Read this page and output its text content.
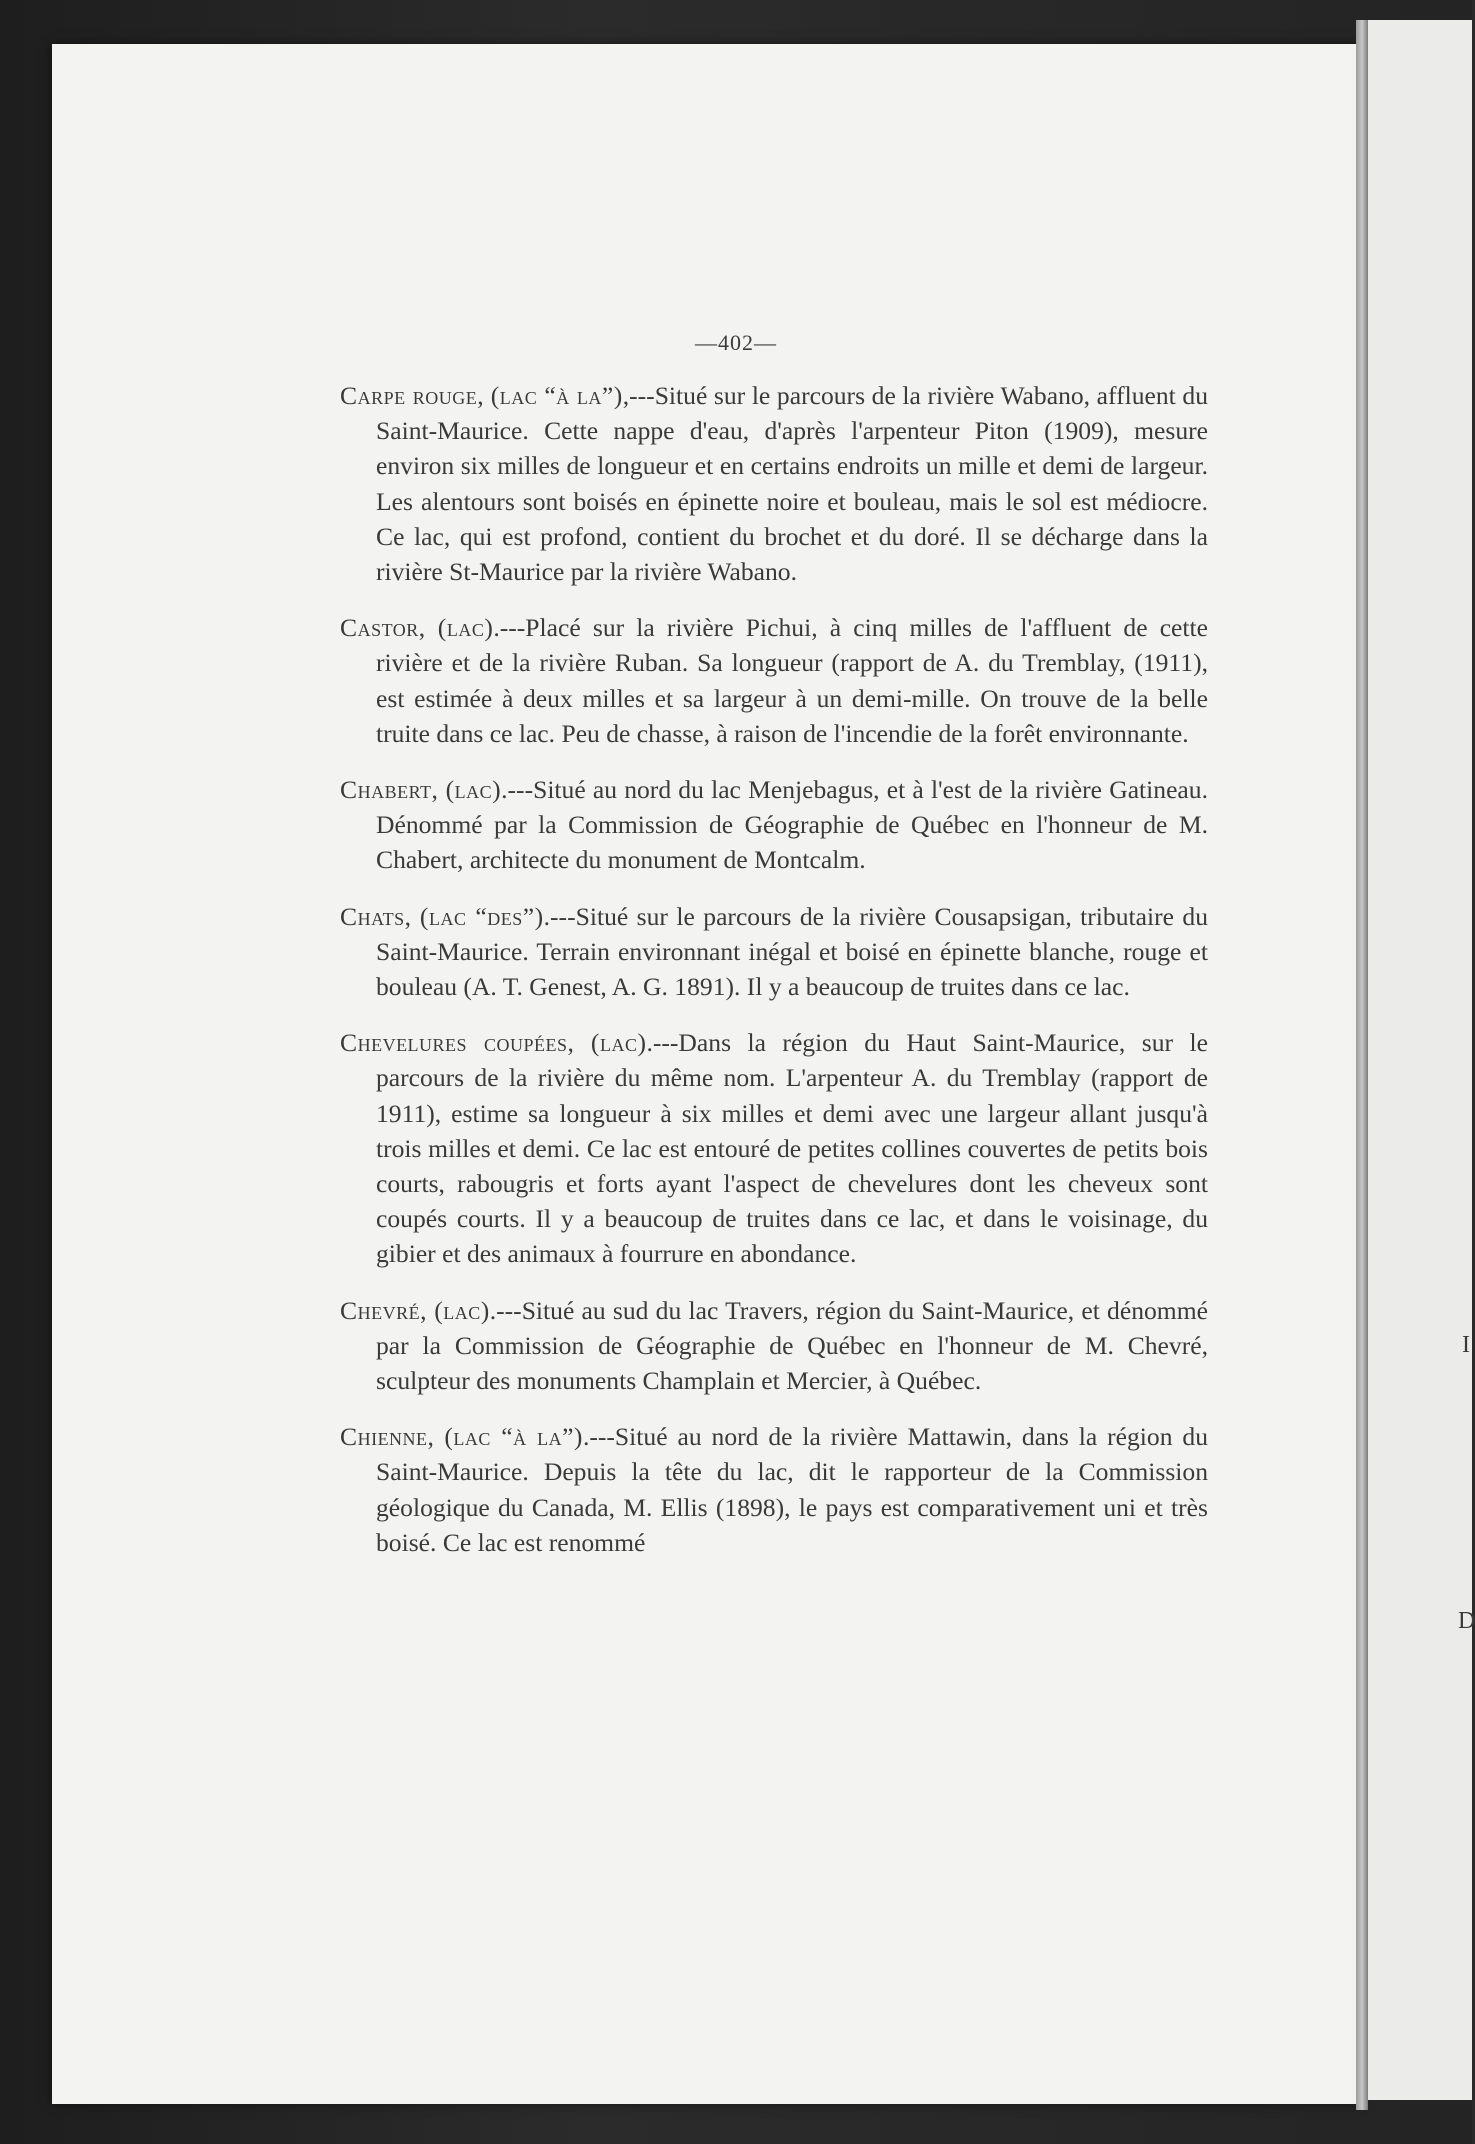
I
D
—402—

Carpe rouge, (lac “à la”),---Situé sur le parcours de la rivière Wabano, affluent du Saint-Maurice. Cette nappe d'eau, d'après l'arpenteur Piton (1909), mesure environ six milles de longueur et en certains endroits un mille et demi de largeur. Les alentours sont boisés en épinette noire et bouleau, mais le sol est médiocre. Ce lac, qui est profond, contient du brochet et du doré. Il se décharge dans la rivière St-Maurice par la rivière Wabano.

Castor, (lac).---Placé sur la rivière Pichui, à cinq milles de l'affluent de cette rivière et de la rivière Ruban. Sa longueur (rapport de A. du Tremblay, (1911), est estimée à deux milles et sa largeur à un demi-mille. On trouve de la belle truite dans ce lac. Peu de chasse, à raison de l'incendie de la forêt environnante.

Chabert, (lac).---Situé au nord du lac Menjebagus, et à l'est de la rivière Gatineau. Dénommé par la Commission de Géographie de Québec en l'honneur de M. Chabert, architecte du monument de Montcalm.

Chats, (lac “des”).---Situé sur le parcours de la rivière Cousapsigan, tributaire du Saint-Maurice. Terrain environnant inégal et boisé en épinette blanche, rouge et bouleau (A. T. Genest, A. G. 1891). Il y a beaucoup de truites dans ce lac.

Chevelures coupées, (lac).---Dans la région du Haut Saint-Maurice, sur le parcours de la rivière du même nom. L'arpenteur A. du Tremblay (rapport de 1911), estime sa longueur à six milles et demi avec une largeur allant jusqu'à trois milles et demi. Ce lac est entouré de petites collines couvertes de petits bois courts, rabougris et forts ayant l'aspect de chevelures dont les cheveux sont coupés courts. Il y a beaucoup de truites dans ce lac, et dans le voisinage, du gibier et des animaux à fourrure en abondance.

Chevré, (lac).---Situé au sud du lac Travers, région du Saint-Maurice, et dénommé par la Commission de Géographie de Québec en l'honneur de M. Chevré, sculpteur des monuments Champlain et Mercier, à Québec.

Chienne, (lac “à la”).---Situé au nord de la rivière Mattawin, dans la région du Saint-Maurice. Depuis la tête du lac, dit le rapporteur de la Commission géologique du Canada, M. Ellis (1898), le pays est comparativement uni et très boisé. Ce lac est renommé
